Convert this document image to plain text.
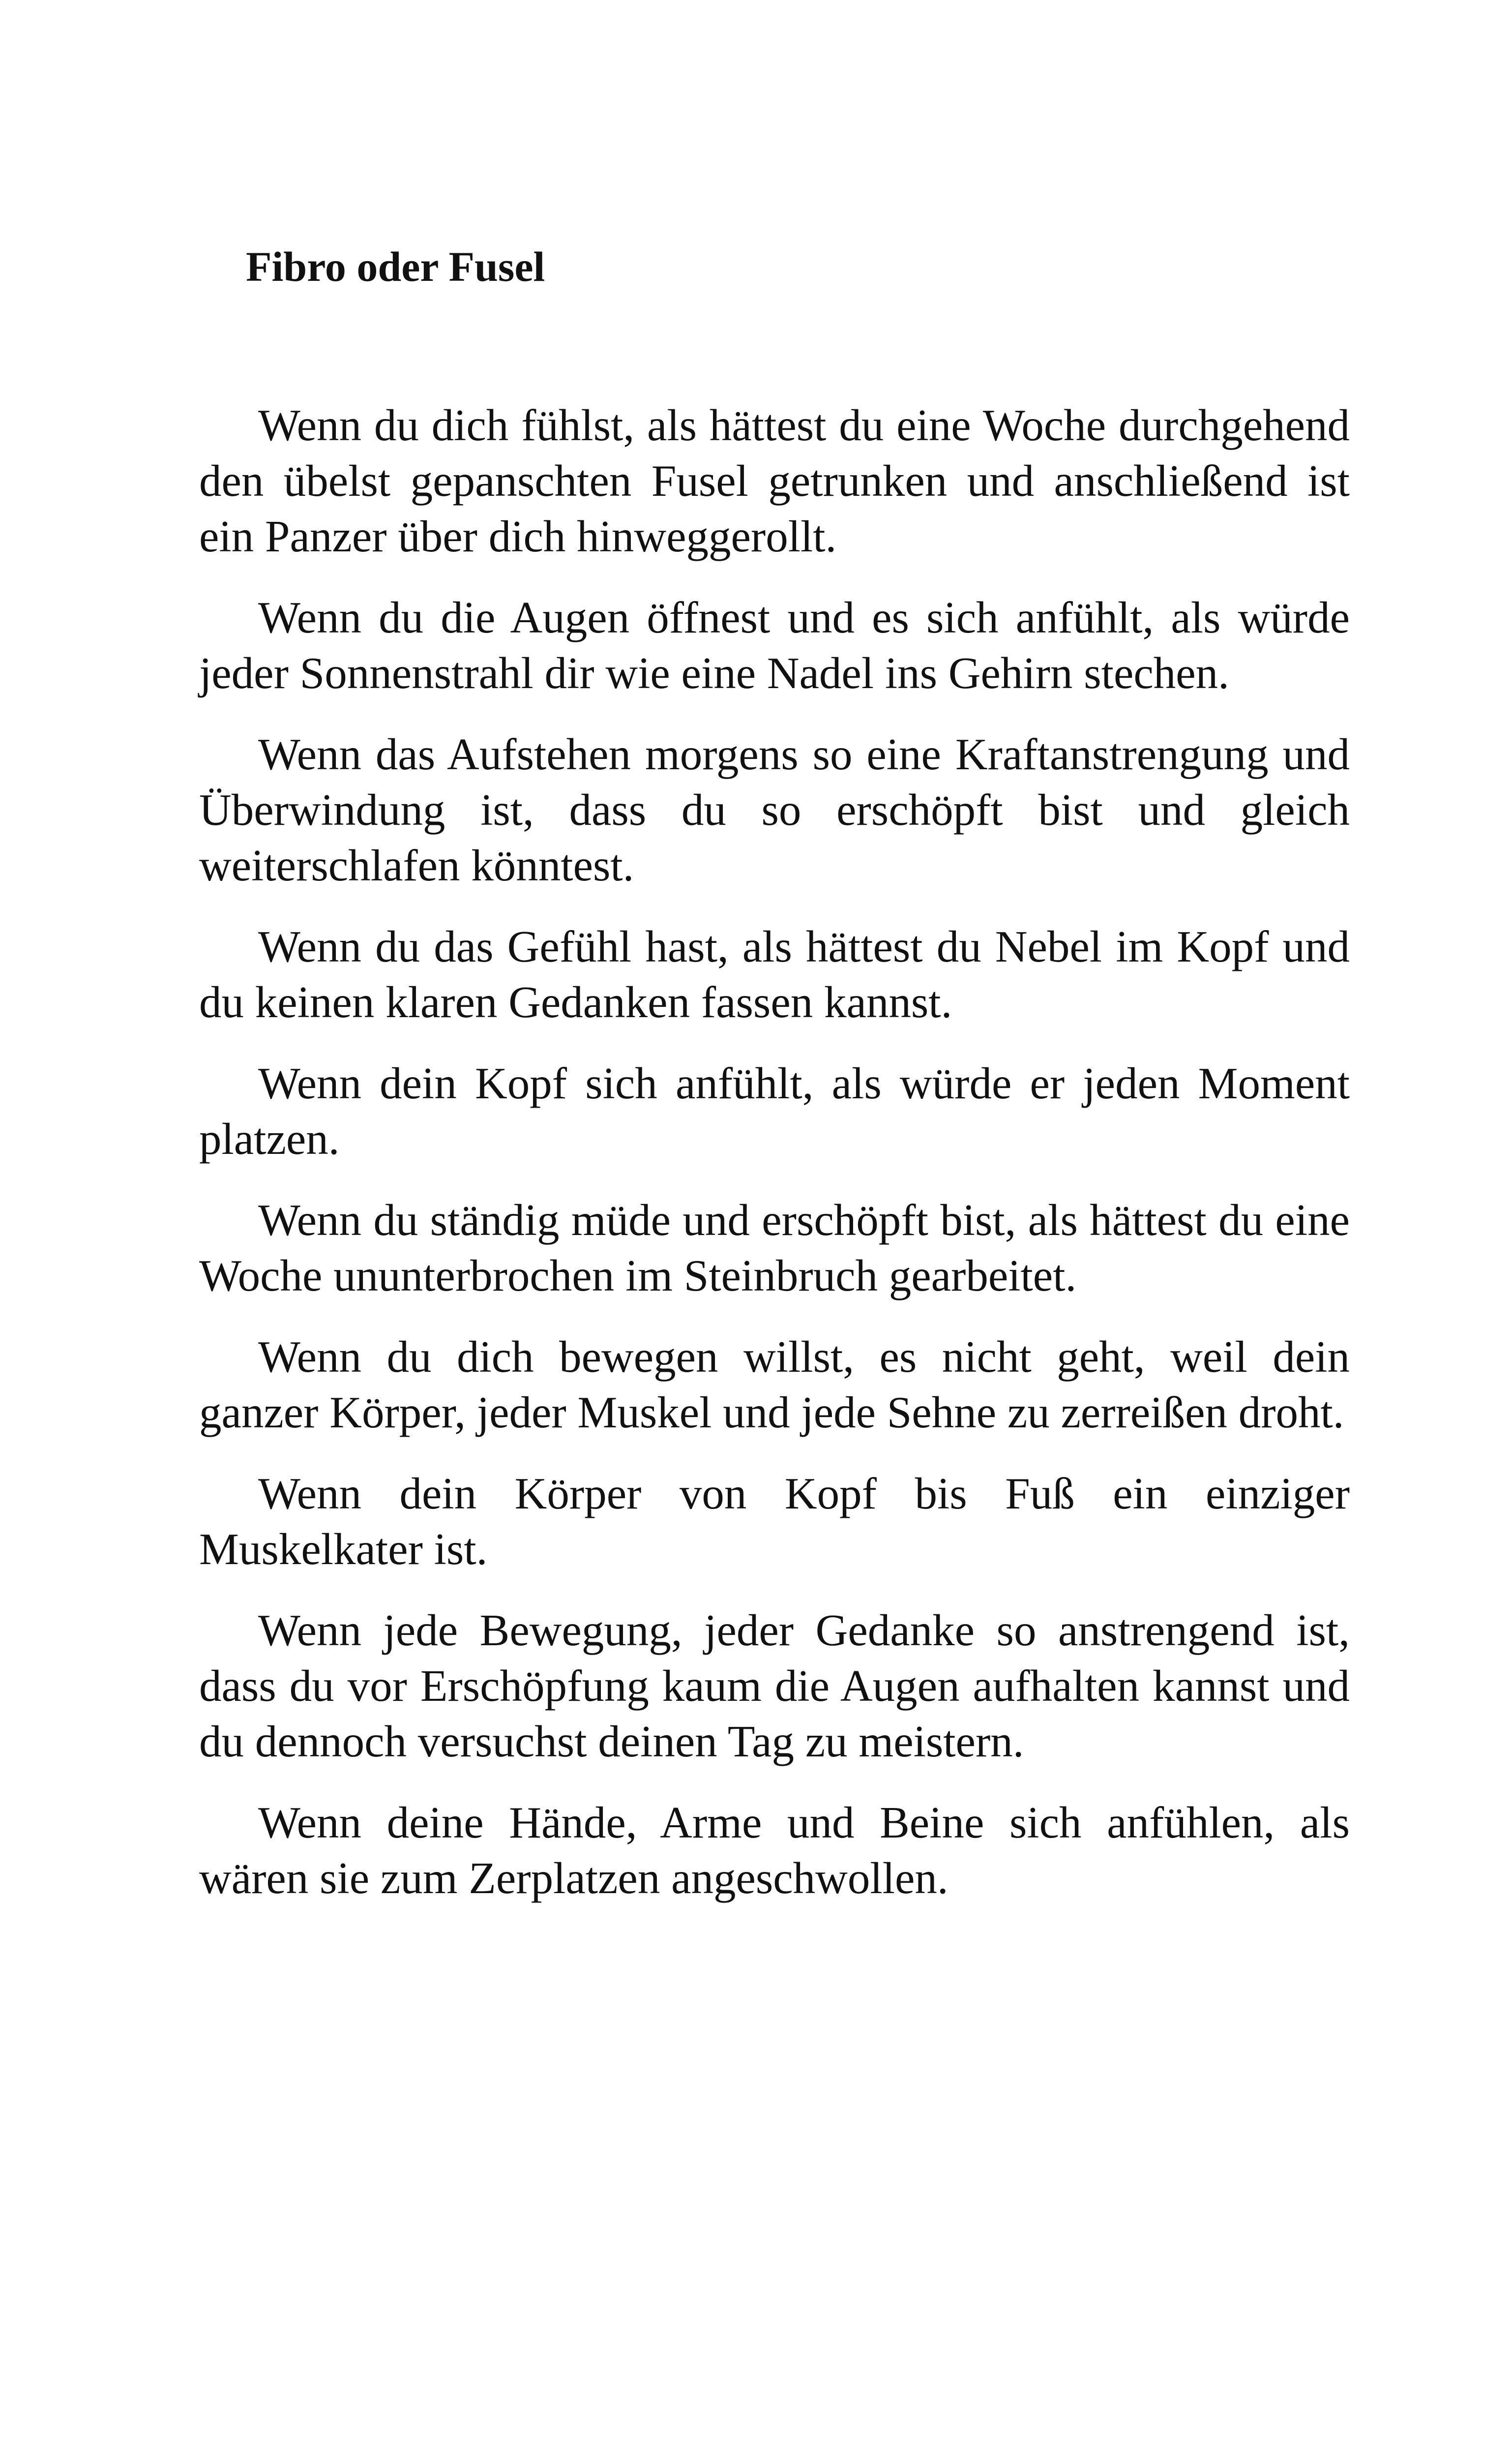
Fibro oder Fusel

Wenn du dich fühlst, als hättest du eine Woche durchgehend den übelst gepanschten Fusel getrunken und anschließend ist ein Panzer über dich hinweggerollt.

Wenn du die Augen öffnest und es sich anfühlt, als würde jeder Sonnenstrahl dir wie eine Nadel ins Gehirn stechen.

Wenn das Aufstehen morgens so eine Kraftanstrengung und Überwindung ist, dass du so erschöpft bist und gleich weiterschlafen könntest.

Wenn du das Gefühl hast, als hättest du Nebel im Kopf und du keinen klaren Gedanken fassen kannst.

Wenn dein Kopf sich anfühlt, als würde er jeden Moment platzen.

Wenn du ständig müde und erschöpft bist, als hättest du eine Woche ununterbrochen im Steinbruch gearbeitet.

Wenn du dich bewegen willst, es nicht geht, weil dein ganzer Körper, jeder Muskel und jede Sehne zu zerreißen droht.

Wenn dein Körper von Kopf bis Fuß ein einziger Muskelkater ist.

Wenn jede Bewegung, jeder Gedanke so anstrengend ist, dass du vor Erschöpfung kaum die Augen aufhalten kannst und du dennoch versuchst deinen Tag zu meistern.

Wenn deine Hände, Arme und Beine sich anfühlen, als wären sie zum Zerplatzen angeschwollen.
